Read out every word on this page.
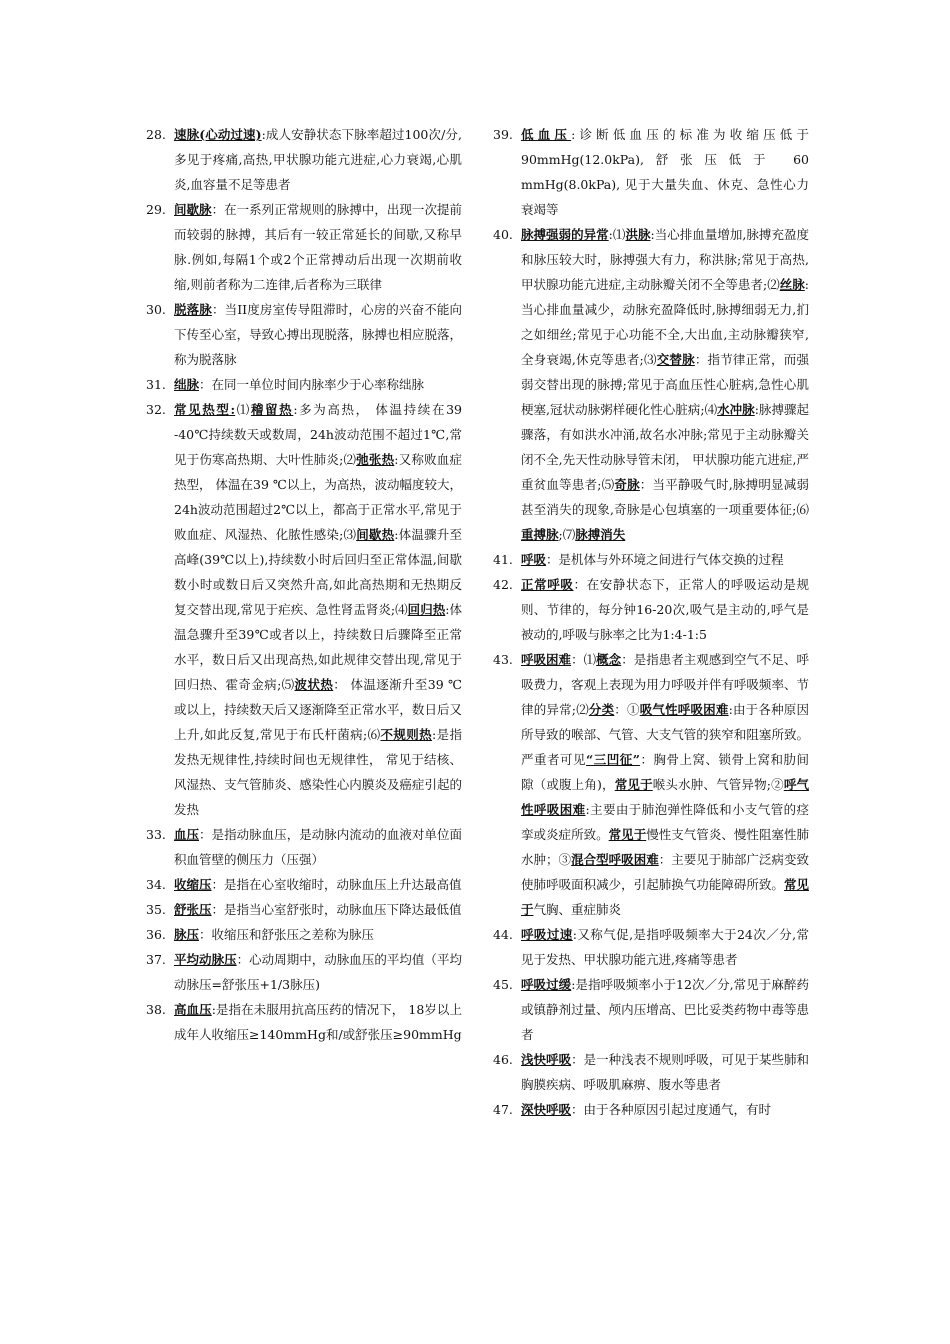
28. 速脉(心动过速):成人安静状态下脉率超过100次/分,多见于疼痛,高热,甲状腺功能亢进症,心力衰竭,心肌炎,血容量不足等患者
29. 间歇脉：在一系列正常规则的脉搏中，出现一次提前而较弱的脉搏，其后有一较正常延长的间歇,又称早脉.例如,每隔1个或2个正常搏动后出现一次期前收缩,则前者称为二连律,后者称为三联律
30. 脱落脉：当II度房室传导阻滞时，心房的兴奋不能向下传至心室，导致心搏出现脱落，脉搏也相应脱落，称为脱落脉
31. 绌脉：在同一单位时间内脉率少于心率称绌脉
32. 常见热型:⑴稽留热:多为高热， 体温持续在39 -40℃持续数天或数周，24h波动范围不超过1℃,常见于伤寒高热期、大叶性肺炎;⑵弛张热:又称败血症热型， 体温在39 ℃以上，为高热，波动幅度较大，24h波动范围超过2℃以上，都高于正常水平,常见于败血症、风湿热、化脓性感染;⑶间歇热:体温骤升至高峰(39℃以上),持续数小时后回归至正常体温,间歇数小时或数日后又突然升高,如此高热期和无热期反复交替出现,常见于疟疾、急性肾盂肾炎;⑷回归热:体温急骤升至39℃或者以上，持续数日后骤降至正常水平，数日后又出现高热,如此规律交替出现,常见于回归热、霍奇金病;⑸波状热： 体温逐渐升至39 ℃或以上，持续数天后又逐渐降至正常水平，数日后又上升,如此反复,常见于布氏杆菌病;⑹不规则热:是指发热无规律性,持续时间也无规律性， 常见于结核、风湿热、支气管肺炎、感染性心内膜炎及癌症引起的发热
33. 血压：是指动脉血压，是动脉内流动的血液对单位面积血管壁的侧压力（压强）
34. 收缩压：是指在心室收缩时，动脉血压上升达最高值
35. 舒张压：是指当心室舒张时，动脉血压下降达最低值
36. 脉压：收缩压和舒张压之差称为脉压
37. 平均动脉压：心动周期中，动脉血压的平均值（平均动脉压=舒张压+1/3脉压)
38. 高血压:是指在未服用抗高压药的情况下， 18岁以上成年人收缩压≥140mmHg和/或舒张压≥90mmHg
39. 低血压:诊断低血压的标准为收缩压低于90mmHg(12.0kPa),舒张压低于 60 mmHg(8.0kPa), 见于大量失血、休克、急性心力衰竭等
40. 脉搏强弱的异常:⑴洪脉:当心排血量增加,脉搏充盈度和脉压较大时，脉搏强大有力，称洪脉;常见于高热,甲状腺功能亢进症,主动脉瓣关闭不全等患者;⑵丝脉:当心排血量减少，动脉充盈降低时,脉搏细弱无力,扪之如细丝;常见于心功能不全,大出血,主动脉瓣狭窄,全身衰竭,休克等患者;⑶交替脉：指节律正常，而强弱交替出现的脉搏;常见于高血压性心脏病,急性心肌梗塞,冠状动脉粥样硬化性心脏病;⑷水冲脉:脉搏骤起骤落，有如洪水冲涌,故名水冲脉;常见于主动脉瓣关闭不全,先天性动脉导管未闭， 甲状腺功能亢进症,严重贫血等患者;⑸奇脉：当平静吸气时,脉搏明显减弱甚至消失的现象,奇脉是心包填塞的一项重要体征;⑹重搏脉;⑺脉搏消失
41. 呼吸：是机体与外环境之间进行气体交换的过程
42. 正常呼吸：在安静状态下，正常人的呼吸运动是规则、节律的，每分钟16-20次,吸气是主动的,呼气是被动的,呼吸与脉率之比为1:4-1:5
43. 呼吸困难：⑴概念：是指患者主观感到空气不足、呼吸费力，客观上表现为用力呼吸并伴有呼吸频率、节律的异常;⑵分类：①吸气性呼吸困难:由于各种原因所导致的喉部、气管、大支气管的狭窄和阻塞所致。严重者可见“三凹征”：胸骨上窝、锁骨上窝和肋间隙（或腹上角)，常见于喉头水肿、气管异物;②呼气性呼吸困难:主要由于肺泡弹性降低和小支气管的痉挛或炎症所致。常见于慢性支气管炎、慢性阻塞性肺水肿；③混合型呼吸困难：主要见于肺部广泛病变致使肺呼吸面积减少，引起肺换气功能障碍所致。常见于气胸、重症肺炎
44. 呼吸过速:又称气促,是指呼吸频率大于24次／分,常见于发热、甲状腺功能亢进,疼痛等患者
45. 呼吸过缓:是指呼吸频率小于12次／分,常见于麻醉药或镇静剂过量、颅内压增高、巴比妥类药物中毒等患者
46. 浅快呼吸：是一种浅表不规则呼吸，可见于某些肺和胸膜疾病、呼吸肌麻痹、腹水等患者
47. 深快呼吸：由于各种原因引起过度通气，有时
